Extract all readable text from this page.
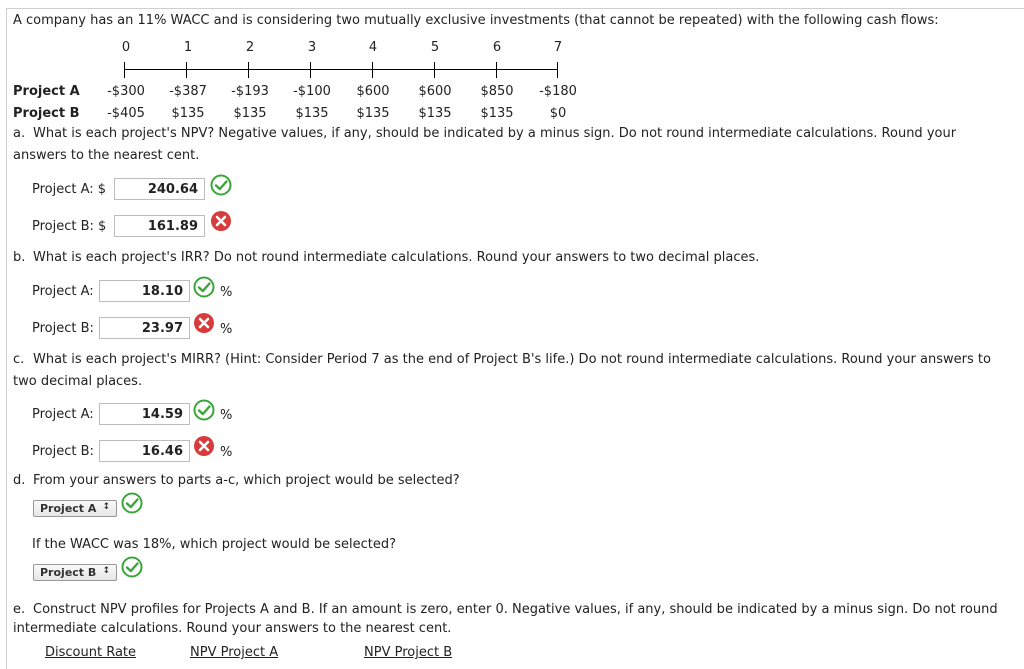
A company has an 11% WACC and is considering two mutually exclusive investments (that cannot be repeated) with the following cash flows:
0	1	2	3	4	5	6	7
Project A	-$300	-$387	-$193	-$100	$600	$600	$850	-$180
Project B	-$405	$135	$135	$135	$135	$135	$135	$0
a. What is each project's NPV? Negative values, if any, should be indicated by a minus sign. Do not round intermediate calculations. Round your answers to the nearest cent.
Project A: $	240.64
Project B: $	161.89
b. What is each project's IRR? Do not round intermediate calculations. Round your answers to two decimal places.
Project A:	18.10	%
Project B:	23.97	%
c. What is each project's MIRR? (Hint: Consider Period 7 as the end of Project B's life.) Do not round intermediate calculations. Round your answers to two decimal places.
Project A:	14.59	%
Project B:	16.46	%
d. From your answers to parts a-c, which project would be selected?
Project A ↕
If the WACC was 18%, which project would be selected?
Project B ↕
e. Construct NPV profiles for Projects A and B. If an amount is zero, enter 0. Negative values, if any, should be indicated by a minus sign. Do not round intermediate calculations. Round your answers to the nearest cent.
Discount Rate	NPV Project A	NPV Project B
